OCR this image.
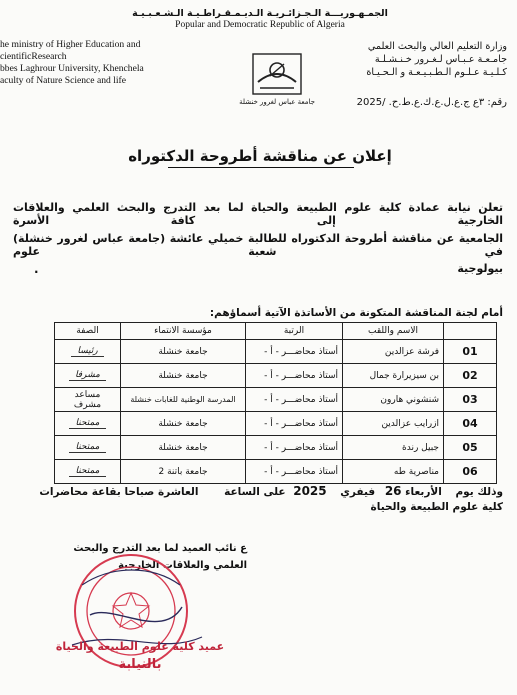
الجمـهـوريـــة الـجـزائـريـة الـديـمـقـراطـيـة الـشـعـبـيـة
Popular and Democratic Republic of Algeria
he ministry of Higher Education and
cientificResearch
bbes Laghrour University, Khenchela
aculty of Nature Science and life
وزارة التعليم العالي والبحث العلمي
جامـعـة عـبـاس لـغـرور خـنـشـلـة
كـلـيـة عـلـوم الـطـبـيـعـة و الـحـيـاة
جامعة عباس لغرور خنشلة	رقم: ٣ع ج.ع.ل.ع.ك.ع.ط.ح. /2025
إعلان عن مناقشة أطروحة الدكتوراه
تعلن نيابة عمادة كلية علوم الطبيعة والحياة لما بعد التدرج والبحث العلمي والعلاقات الخارجية إلى كافة الأسرة
الجامعية عن مناقشة أطروحة الدكتوراه للطالبة خميلي عائشة (جامعة عباس لغرور خنشلة) في شعبة علوم
بيولوجية
.
أمام لجنة المناقشة المتكونة من الأساتذة الآتية أسماؤهم:
	الاسم واللقب	الرتبة	مؤسسة الانتماء	الصفة
01	فرشة عزالدين	أستاذ محاضـــر - أ -	جامعة خنشلة	رئيسا
02	بن سيزيرارة جمال	أستاذ محاضـــر - أ -	جامعة خنشلة	مشرفا
03	شنشوني هارون	أستاذ محاضـــر - أ -	المدرسة الوطنية للغابات خنشلة	مساعد مشرف
04	ازرايب عزالدين	أستاذ محاضـــر - أ -	جامعة خنشلة	ممتحنا
05	جبيل رندة	أستاذ محاضـــر - أ -	جامعة خنشلة	ممتحنا
06	مناصرية طه	أستاذ محاضـــر - أ -	جامعة باتنة 2	ممتحنا
وذلك يوم الأربعاء 26 فيفري 2025 على الساعة العاشرة صباحا بقاعة محاضرات
كلية علوم الطبيعة والحياة
ع نائب العميد لما بعد التدرج والبحث
العلمي والعلاقات الخارجية
عميد كلية علوم الطبيعة والحياة
بالنيابة
